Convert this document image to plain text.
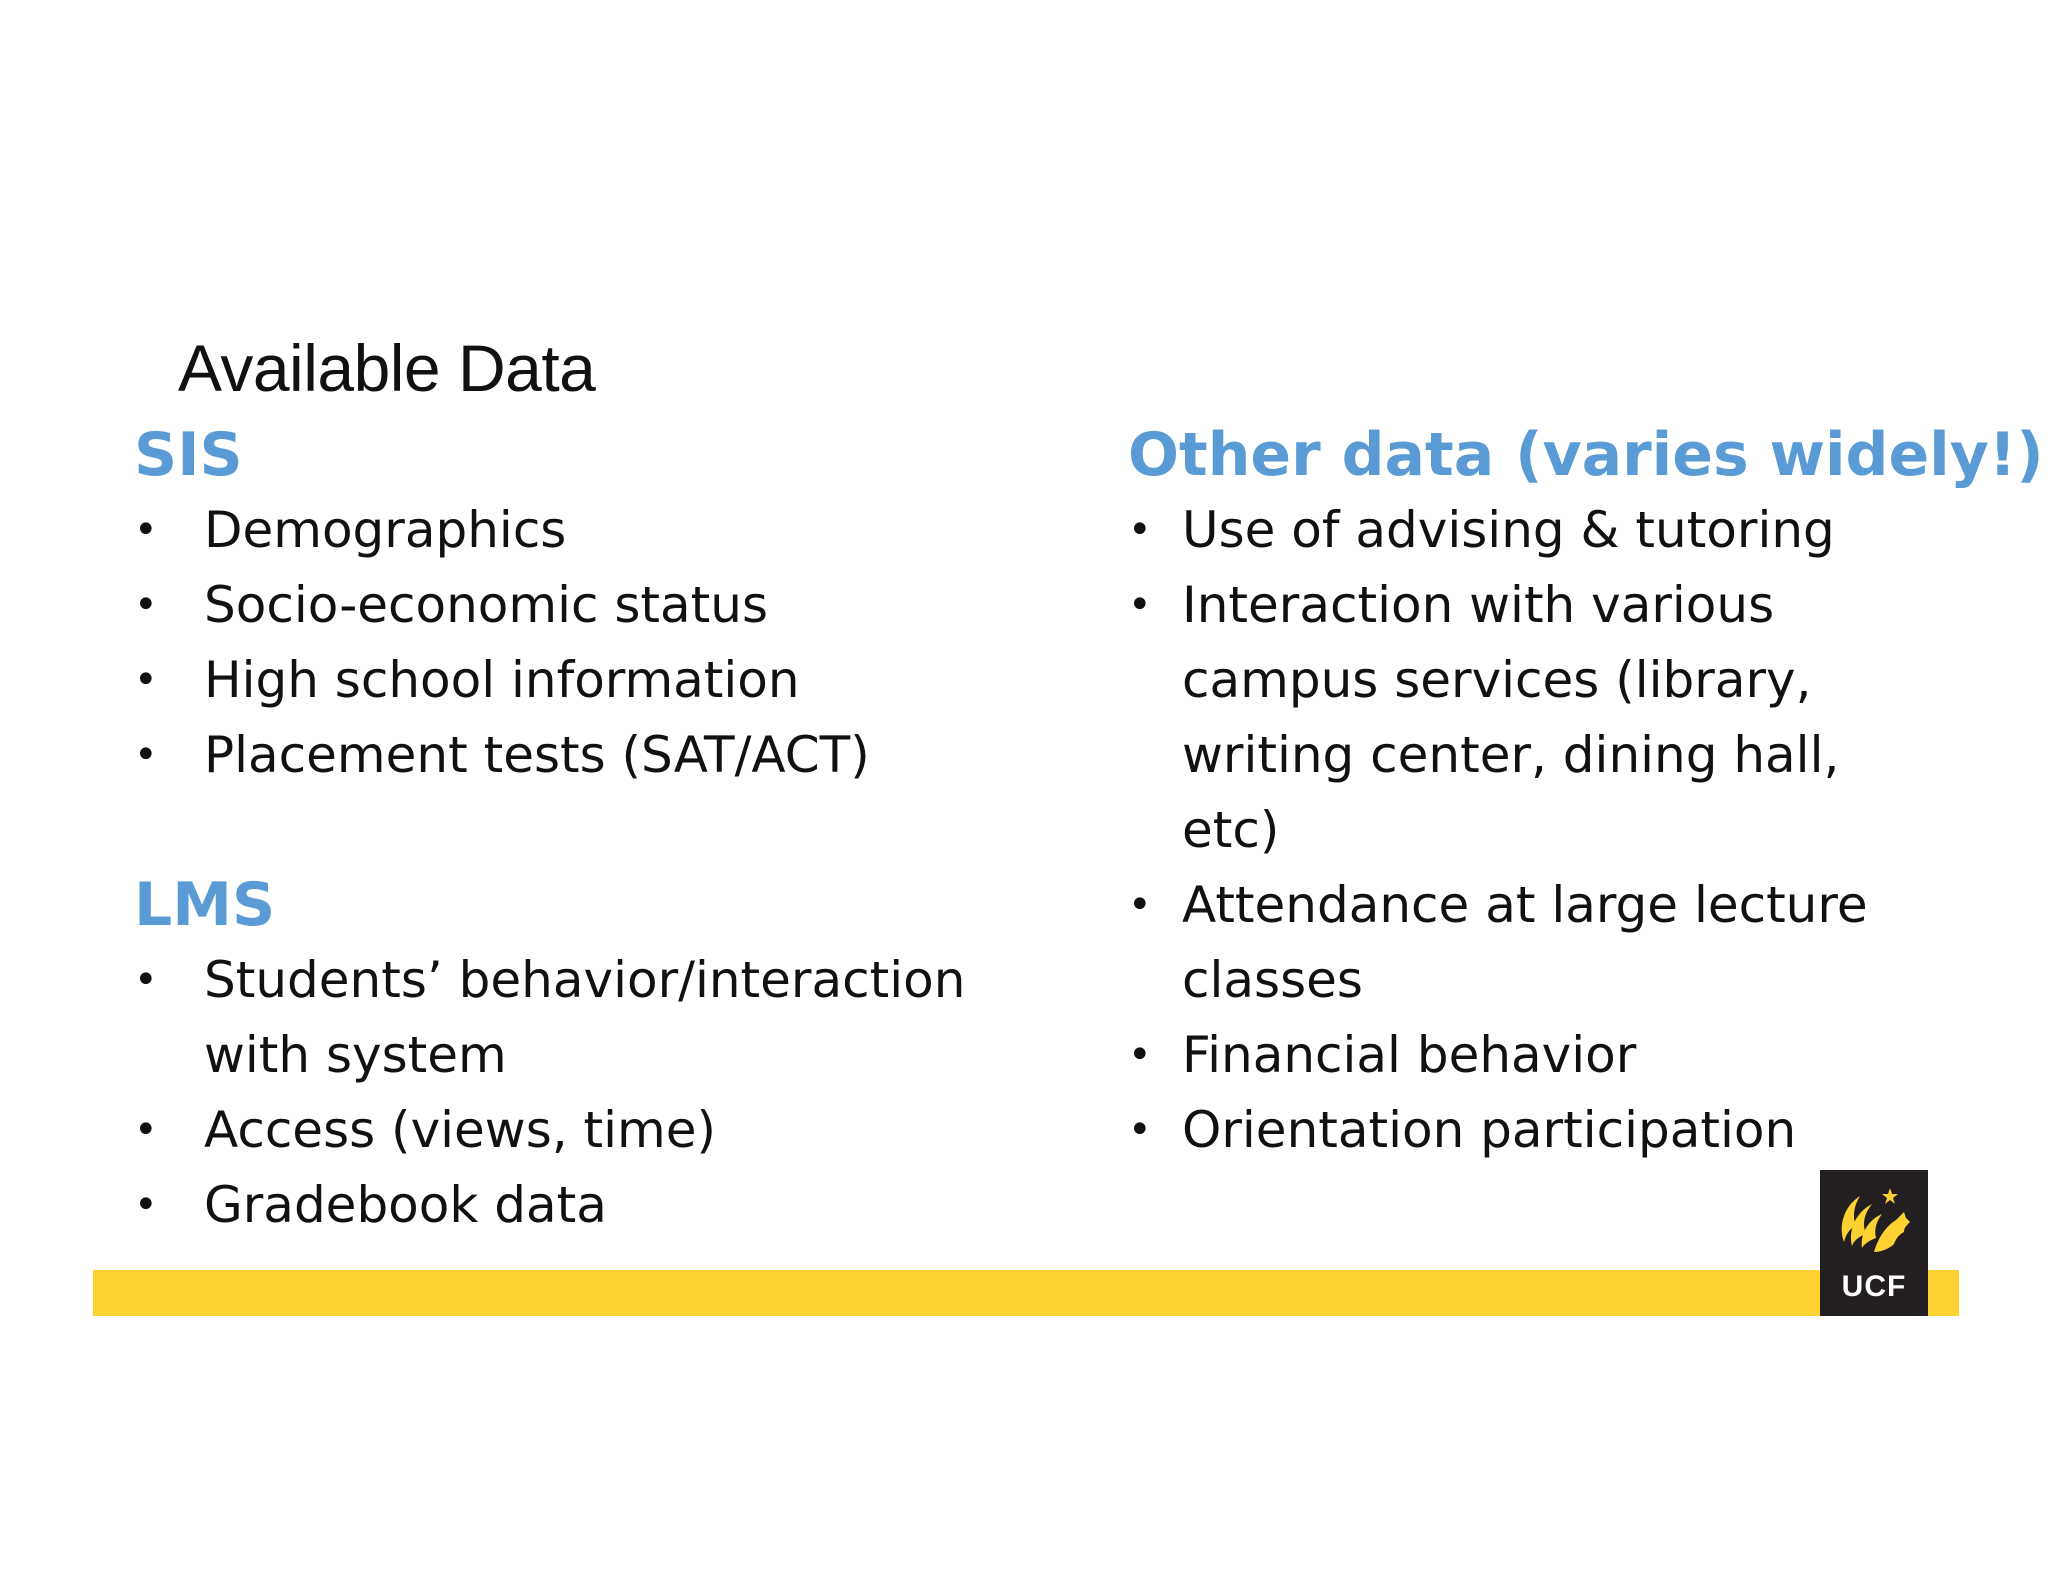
Available Data
SIS
• Demographics
• Socio-economic status
• High school information
• Placement tests (SAT/ACT)
LMS
• Students’ behavior/interaction
with system
• Access (views, time)
• Gradebook data
Other data (varies widely!)
• Use of advising & tutoring
• Interaction with various
campus services (library,
writing center, dining hall,
etc)
• Attendance at large lecture
classes
• Financial behavior
• Orientation participation
UCF
